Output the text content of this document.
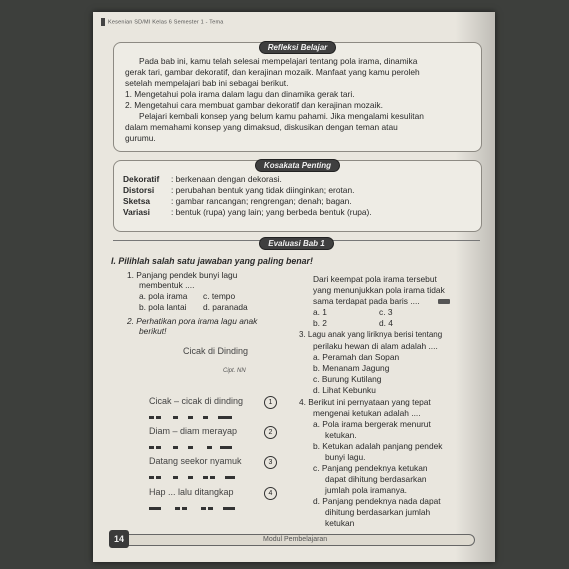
Kesenian SD/MI Kelas 6 Semester 1 - Tema
Refleksi Belajar
Pada bab ini, kamu telah selesai mempelajari tentang pola irama, dinamika
gerak tari, gambar dekoratif, dan kerajinan mozaik. Manfaat yang kamu peroleh
setelah mempelajari bab ini sebagai berikut.
1. Mengetahui pola irama dalam lagu dan dinamika gerak tari.
2. Mengetahui cara membuat gambar dekoratif dan kerajinan mozaik.
Pelajari kembali konsep yang belum kamu pahami. Jika mengalami kesulitan
dalam memahami konsep yang dimaksud, diskusikan dengan teman atau
gurumu.
Kosakata Penting
Dekoratif : berkenaan dengan dekorasi.
Distorsi : perubahan bentuk yang tidak diinginkan; erotan.
Sketsa : gambar rancangan; rengrengan; denah; bagan.
Variasi : bentuk (rupa) yang lain; yang berbeda bentuk (rupa).
Evaluasi Bab 1
I. Pilihlah salah satu jawaban yang paling benar!
1. Panjang pendek bunyi lagu
membentuk ....
a. pola irama c. tempo
b. pola lantai d. paranada
2. Perhatikan pora irama lagu anak
berikut!
Cicak di Dinding
Cipt. NN
Cicak – cicak di dinding	1
Diam – diam merayap	2
Datang seekor nyamuk	3
Hap ... lalu ditangkap	4
Dari keempat pola irama tersebut
yang menunjukkan pola irama tidak
sama terdapat pada baris ....
a. 1	c. 3
b. 2	d. 4
3. Lagu anak yang liriknya berisi tentang
perilaku hewan di alam adalah ....
a. Peramah dan Sopan
b. Menanam Jagung
c. Burung Kutilang
d. Lihat Kebunku
4. Berikut ini pernyataan yang tepat
mengenai ketukan adalah ....
a. Pola irama bergerak menurut
ketukan.
b. Ketukan adalah panjang pendek
bunyi lagu.
c. Panjang pendeknya ketukan
dapat dihitung berdasarkan
jumlah pola iramanya.
d. Panjang pendeknya nada dapat
dihitung berdasarkan jumlah
ketukan
14	Modul Pembelajaran
